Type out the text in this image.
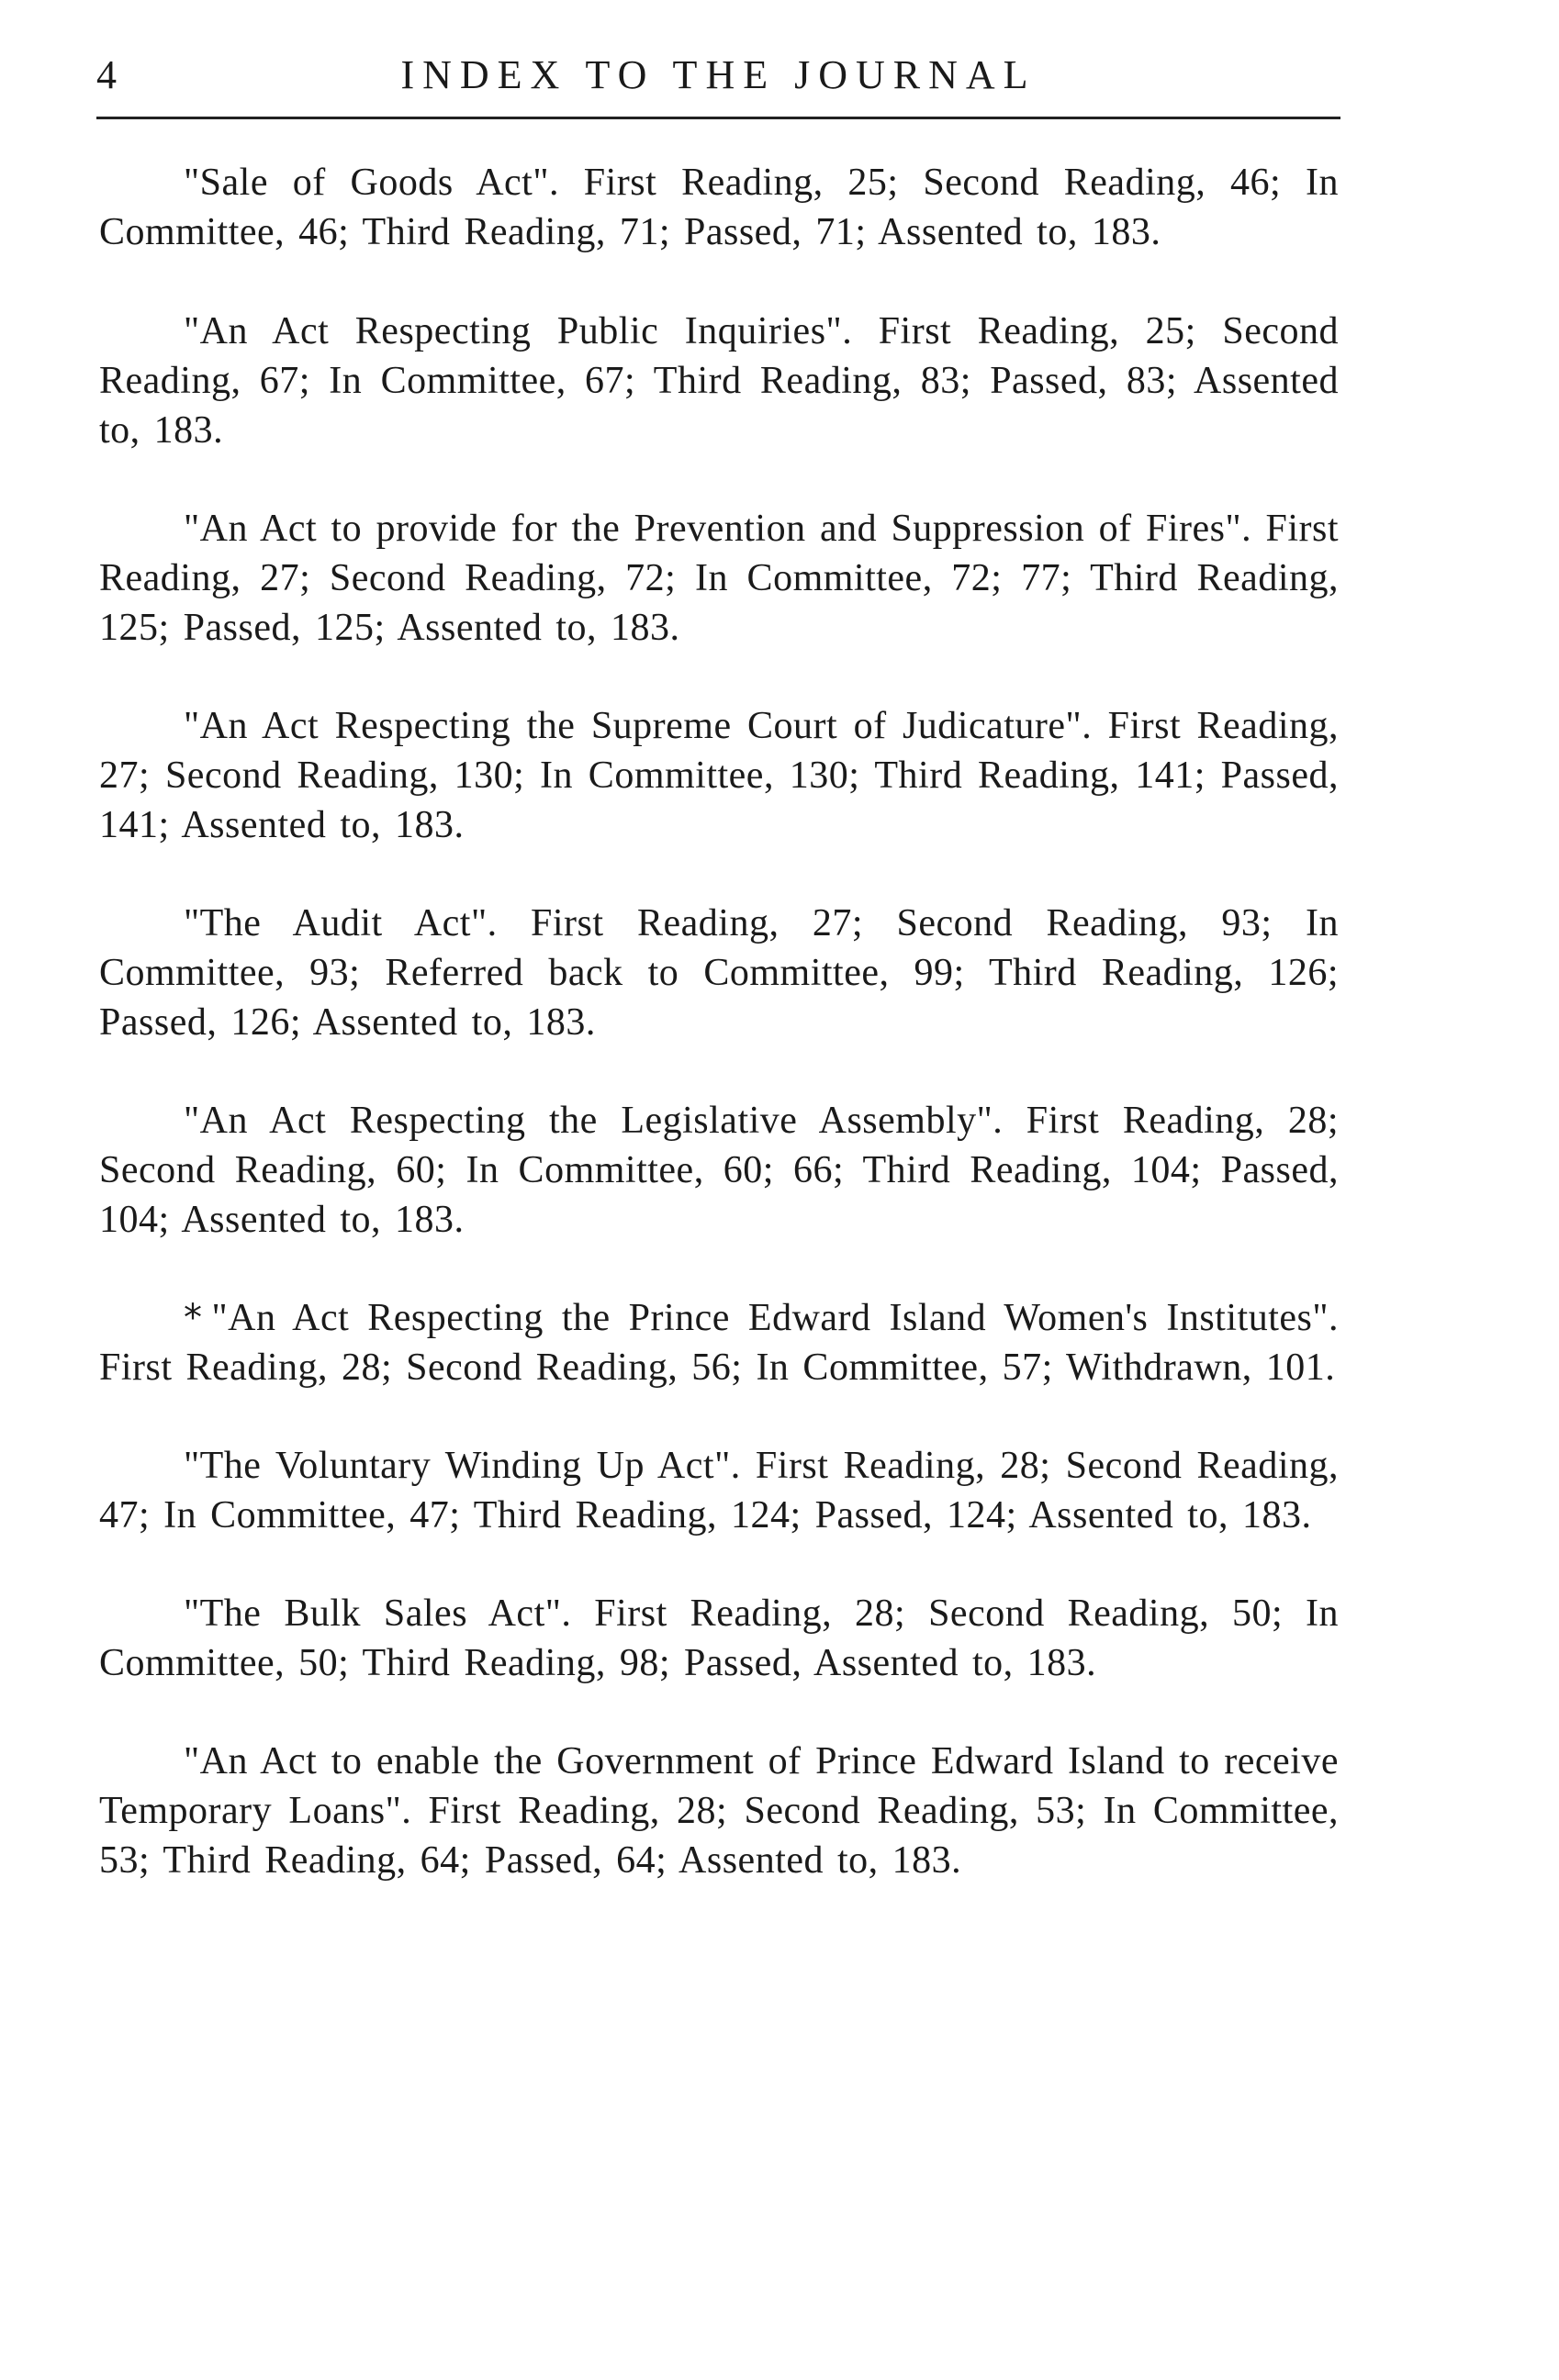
4	INDEX TO THE JOURNAL

"Sale of Goods Act". First Reading, 25; Second Reading, 46; In Committee, 46; Third Reading, 71; Passed, 71; Assented to, 183.

"An Act Respecting Public Inquiries". First Reading, 25; Second Reading, 67; In Committee, 67; Third Reading, 83; Passed, 83; Assented to, 183.

"An Act to provide for the Prevention and Suppression of Fires". First Reading, 27; Second Reading, 72; In Committee, 72; 77; Third Reading, 125; Passed, 125; Assented to, 183.

"An Act Respecting the Supreme Court of Judicature". First Reading, 27; Second Reading, 130; In Committee, 130; Third Reading, 141; Passed, 141; Assented to, 183.

"The Audit Act". First Reading, 27; Second Reading, 93; In Committee, 93; Referred back to Committee, 99; Third Reading, 126; Passed, 126; Assented to, 183.

"An Act Respecting the Legislative Assembly". First Reading, 28; Second Reading, 60; In Committee, 60; 66; Third Reading, 104; Passed, 104; Assented to, 183.

* "An Act Respecting the Prince Edward Island Women's Institutes". First Reading, 28; Second Reading, 56; In Committee, 57; Withdrawn, 101.

"The Voluntary Winding Up Act". First Reading, 28; Second Reading, 47; In Committee, 47; Third Reading, 124; Passed, 124; Assented to, 183.

"The Bulk Sales Act". First Reading, 28; Second Reading, 50; In Committee, 50; Third Reading, 98; Passed, Assented to, 183.

"An Act to enable the Government of Prince Edward Island to receive Temporary Loans". First Reading, 28; Second Reading, 53; In Committee, 53; Third Reading, 64; Passed, 64; Assented to, 183.
